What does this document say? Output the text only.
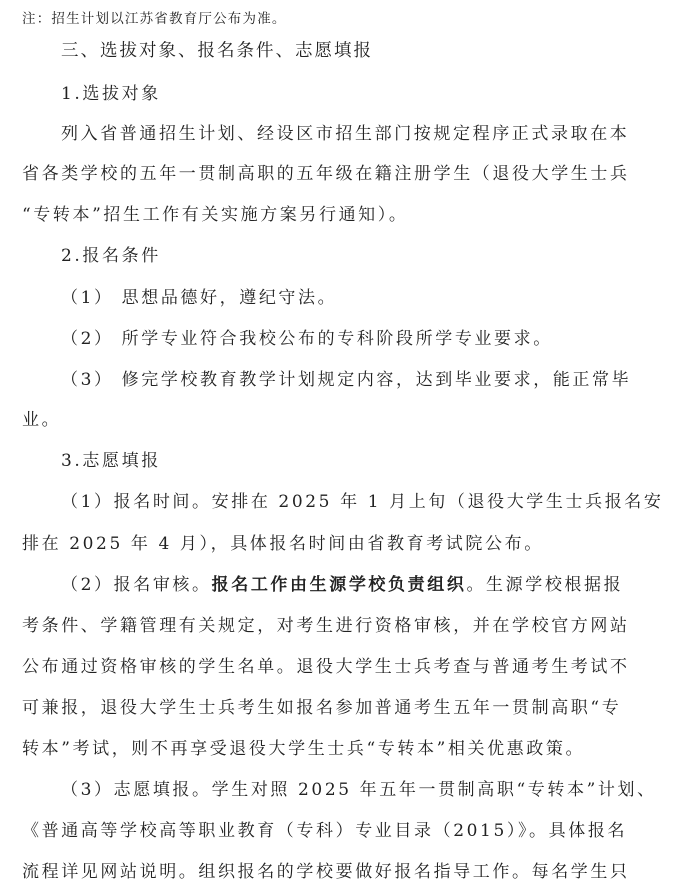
注：招生计划以江苏省教育厅公布为准。
三、选拔对象、报名条件、志愿填报
1.选拔对象
列入省普通招生计划、经设区市招生部门按规定程序正式录取在本
省各类学校的五年一贯制高职的五年级在籍注册学生（退役大学生士兵
“专转本”招生工作有关实施方案另行通知）。
2.报名条件
（1） 思想品德好，遵纪守法。
（2） 所学专业符合我校公布的专科阶段所学专业要求。
（3） 修完学校教育教学计划规定内容，达到毕业要求，能正常毕
业。
3.志愿填报
（1）报名时间。安排在 2025 年 1 月上旬（退役大学生士兵报名安
排在 2025 年 4 月），具体报名时间由省教育考试院公布。
（2）报名审核。报名工作由生源学校负责组织。生源学校根据报
考条件、学籍管理有关规定，对考生进行资格审核，并在学校官方网站
公布通过资格审核的学生名单。退役大学生士兵考查与普通考生考试不
可兼报，退役大学生士兵考生如报名参加普通考生五年一贯制高职“专
转本”考试，则不再享受退役大学生士兵“专转本”相关优惠政策。
（3）志愿填报。学生对照 2025 年五年一贯制高职“专转本”计划、
《普通高等学校高等职业教育（专科）专业目录（2015）》。具体报名
流程详见网站说明。组织报名的学校要做好报名指导工作。每名学生只
